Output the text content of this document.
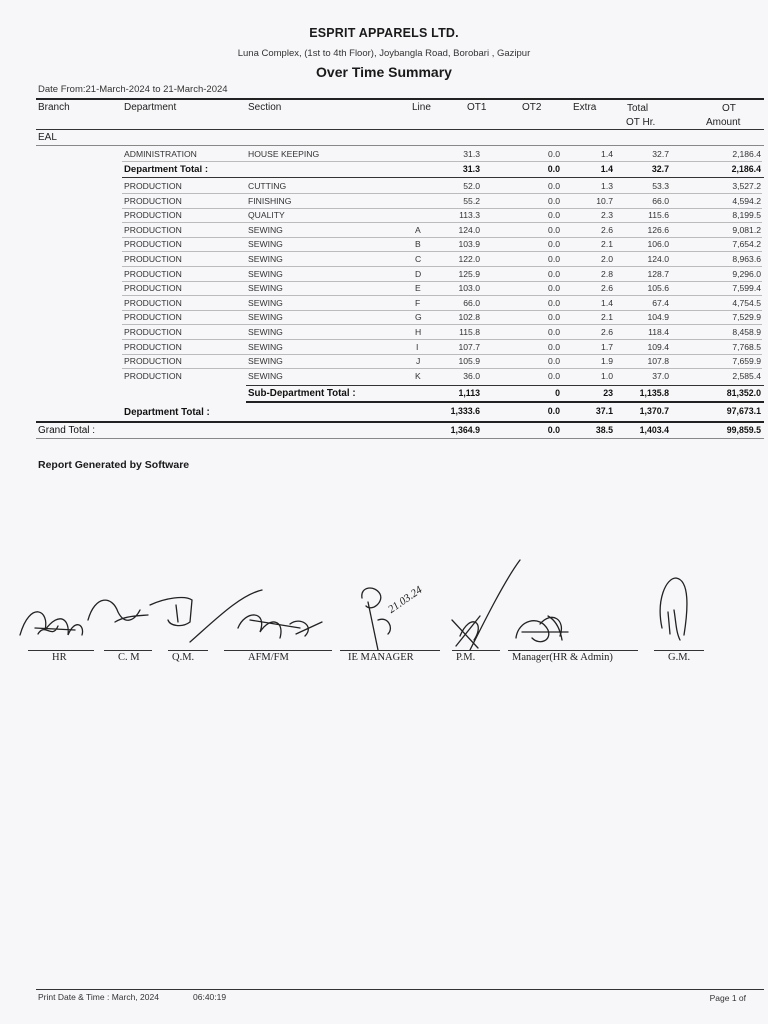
ESPRIT APPARELS LTD.
Luna Complex, (1st to 4th Floor), Joybangla Road, Borobari , Gazipur
Over Time Summary
Date From:21-March-2024 to 21-March-2024
Branch	Department	Section	Line	OT1	OT2	Extra	Total
OT Hr.
OT
Amount
EAL
ADMINISTRATION	HOUSE KEEPING	31.3	0.0	1.4	32.7	2,186.4
Department Total :	31.3	0.0	1.4	32.7	2,186.4
PRODUCTION	CUTTING	52.0	0.0	1.3	53.3	3,527.2
PRODUCTION	FINISHING	55.2	0.0	10.7	66.0	4,594.2
PRODUCTION	QUALITY	113.3	0.0	2.3	115.6	8,199.5
PRODUCTION	SEWING	A	124.0	0.0	2.6	126.6	9,081.2
PRODUCTION	SEWING	B	103.9	0.0	2.1	106.0	7,654.2
PRODUCTION	SEWING	C	122.0	0.0	2.0	124.0	8,963.6
PRODUCTION	SEWING	D	125.9	0.0	2.8	128.7	9,296.0
PRODUCTION	SEWING	E	103.0	0.0	2.6	105.6	7,599.4
PRODUCTION	SEWING	F	66.0	0.0	1.4	67.4	4,754.5
PRODUCTION	SEWING	G	102.8	0.0	2.1	104.9	7,529.9
PRODUCTION	SEWING	H	115.8	0.0	2.6	118.4	8,458.9
PRODUCTION	SEWING	I	107.7	0.0	1.7	109.4	7,768.5
PRODUCTION	SEWING	J	105.9	0.0	1.9	107.8	7,659.9
PRODUCTION	SEWING	K	36.0	0.0	1.0	37.0	2,585.4
Sub-Department Total :	1,113	0	23	1,135.8	81,352.0
Department Total :	1,333.6	0.0	37.1	1,370.7	97,673.1
Grand Total :	1,364.9	0.0	38.5	1,403.4	99,859.5
Report Generated by Software
21.03.24
HR	C. M	Q.M.	AFM/FM	IE MANAGER	P.M.	Manager(HR & Admin)	G.M.
Print Date & Time : March, 2024	06:40:19	Page 1 of
